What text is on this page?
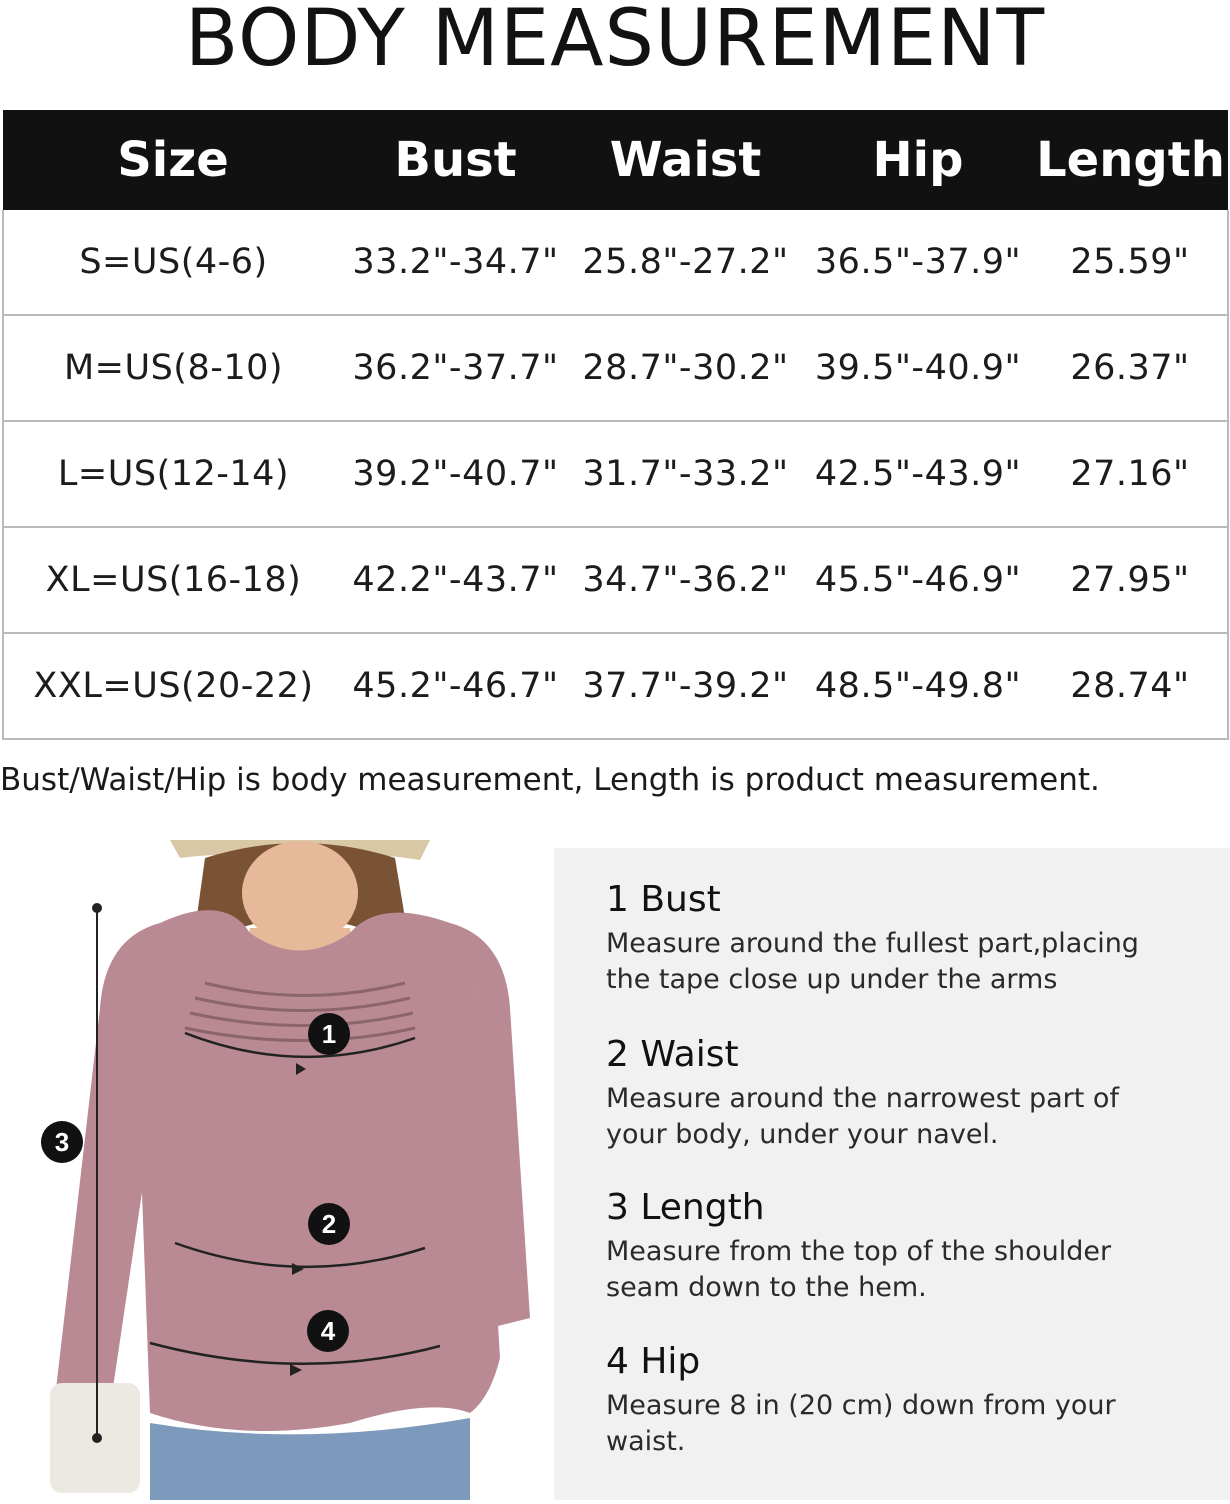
BODY MEASUREMENT
Size	Bust	Waist	Hip	Length
S=US(4-6)	33.2"-34.7"	25.8"-27.2"	36.5"-37.9"	25.59"
M=US(8-10)	36.2"-37.7"	28.7"-30.2"	39.5"-40.9"	26.37"
L=US(12-14)	39.2"-40.7"	31.7"-33.2"	42.5"-43.9"	27.16"
XL=US(16-18)	42.2"-43.7"	34.7"-36.2"	45.5"-46.9"	27.95"
XXL=US(20-22)	45.2"-46.7"	37.7"-39.2"	48.5"-49.8"	28.74"
Bust/Waist/Hip is body measurement, Length is product measurement.
1
2
3
4

1 Bust

Measure around the fullest part,placing

the tape close up under the arms

2 Waist

Measure around the narrowest part of

your body, under your navel.

3 Length

Measure from the top of the shoulder

seam down to the hem.

4 Hip

Measure 8 in (20 cm) down from your

waist.
